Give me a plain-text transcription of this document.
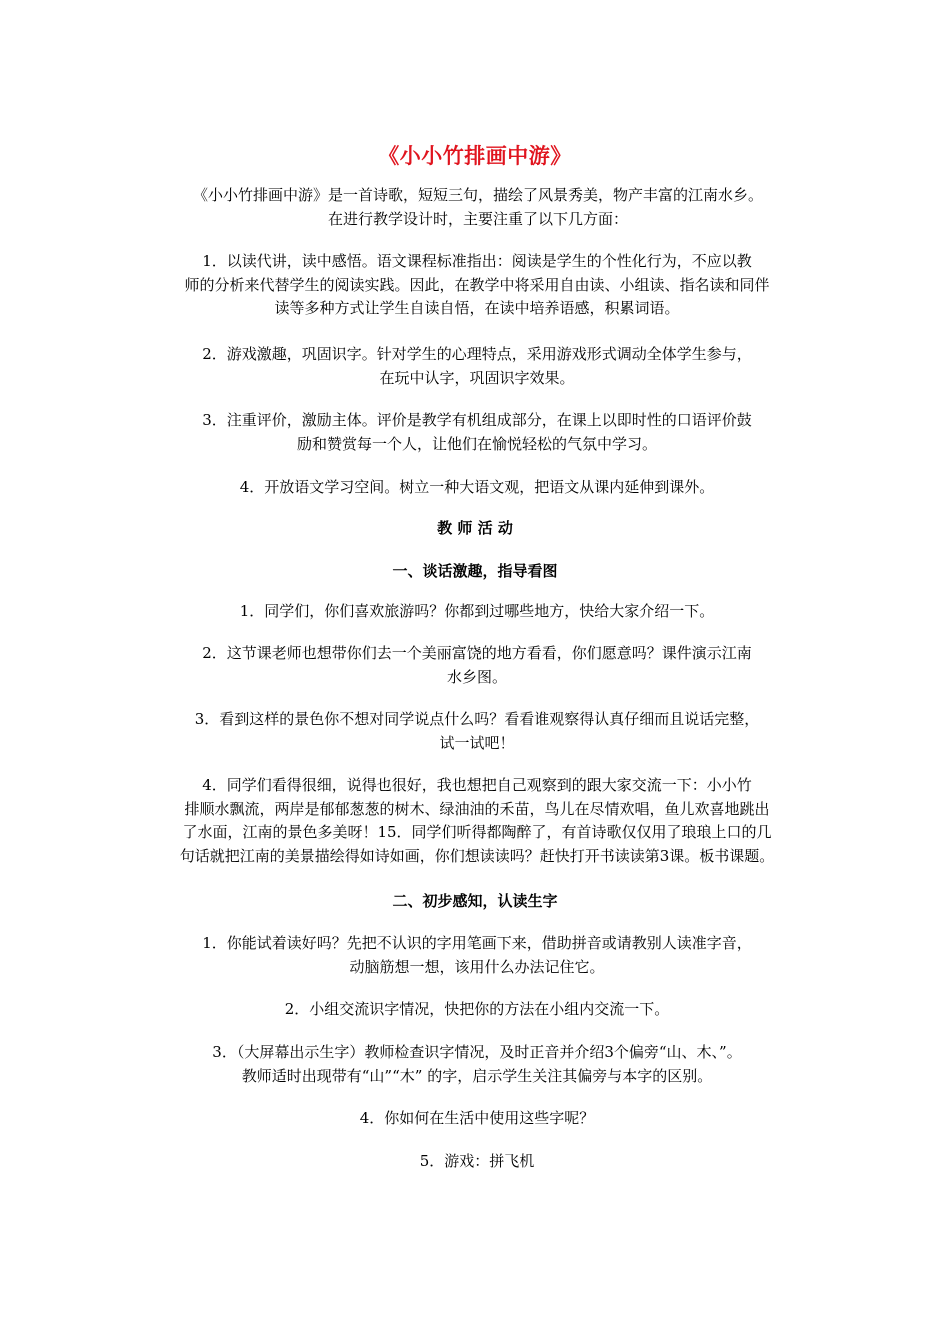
《小小竹排画中游》
《小小竹排画中游》是一首诗歌，短短三句，描绘了风景秀美，物产丰富的江南水乡。
在进行教学设计时，主要注重了以下几方面：
1．以读代讲，读中感悟。语文课程标准指出：阅读是学生的个性化行为，不应以教
师的分析来代替学生的阅读实践。因此，在教学中将采用自由读、小组读、指名读和同伴
读等多种方式让学生自读自悟，在读中培养语感，积累词语。
2．游戏激趣，巩固识字。针对学生的心理特点，采用游戏形式调动全体学生参与，
在玩中认字，巩固识字效果。
3．注重评价，激励主体。评价是教学有机组成部分，在课上以即时性的口语评价鼓
励和赞赏每一个人，让他们在愉悦轻松的气氛中学习。
4．开放语文学习空间。树立一种大语文观，把语文从课内延伸到课外。
教 师 活 动
一、谈话激趣，指导看图
1．同学们，你们喜欢旅游吗？你都到过哪些地方，快给大家介绍一下。
2．这节课老师也想带你们去一个美丽富饶的地方看看，你们愿意吗？课件演示江南
水乡图。
3．看到这样的景色你不想对同学说点什么吗？看看谁观察得认真仔细而且说话完整，
试一试吧！
4．同学们看得很细，说得也很好，我也想把自己观察到的跟大家交流一下：小小竹
排顺水飘流，两岸是郁郁葱葱的树木、绿油油的禾苗，鸟儿在尽情欢唱，鱼儿欢喜地跳出
了水面，江南的景色多美呀！15．同学们听得都陶醉了，有首诗歌仅仅用了琅琅上口的几
句话就把江南的美景描绘得如诗如画，你们想读读吗？赶快打开书读读第3课。板书课题。
二、初步感知，认读生字
1．你能试着读好吗？先把不认识的字用笔画下来，借助拼音或请教别人读准字音，
动脑筋想一想，该用什么办法记住它。
2．小组交流识字情况，快把你的方法在小组内交流一下。
3．（大屏幕出示生字）教师检查识字情况，及时正音并介绍3个偏旁“山、木、”。
教师适时出现带有“山”“木” 的字，启示学生关注其偏旁与本字的区别。
4．你如何在生活中使用这些字呢？
5．游戏：拼飞机
